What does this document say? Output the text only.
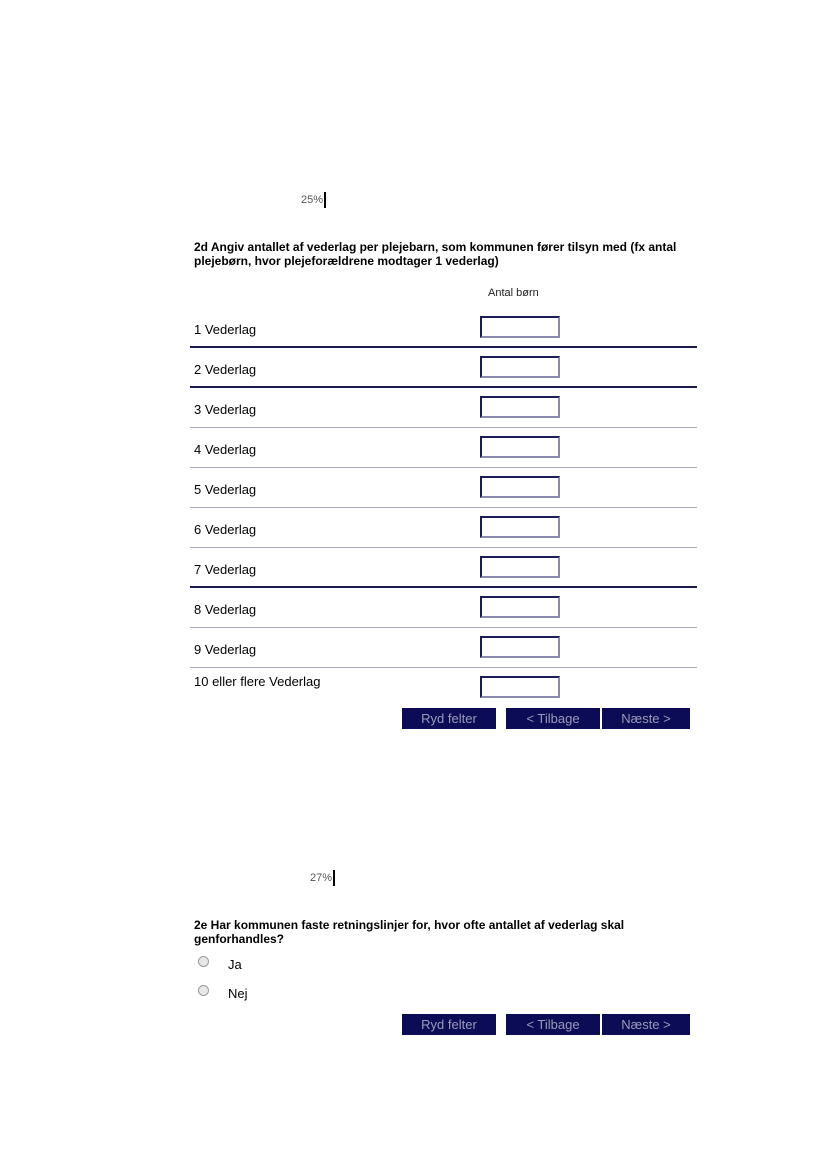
25%
2d Angiv antallet af vederlag per plejebarn, som kommunen fører tilsyn med (fx antal plejebørn, hvor plejeforældrene modtager 1 vederlag)
Antal børn
1 Vederlag
2 Vederlag
3 Vederlag
4 Vederlag
5 Vederlag
6 Vederlag
7 Vederlag
8 Vederlag
9 Vederlag
10 eller flere Vederlag
Ryd felter	< Tilbage	Næste >
27%
2e Har kommunen faste retningslinjer for, hvor ofte antallet af vederlag skal genforhandles?
Ja
Nej
Ryd felter	< Tilbage	Næste >
